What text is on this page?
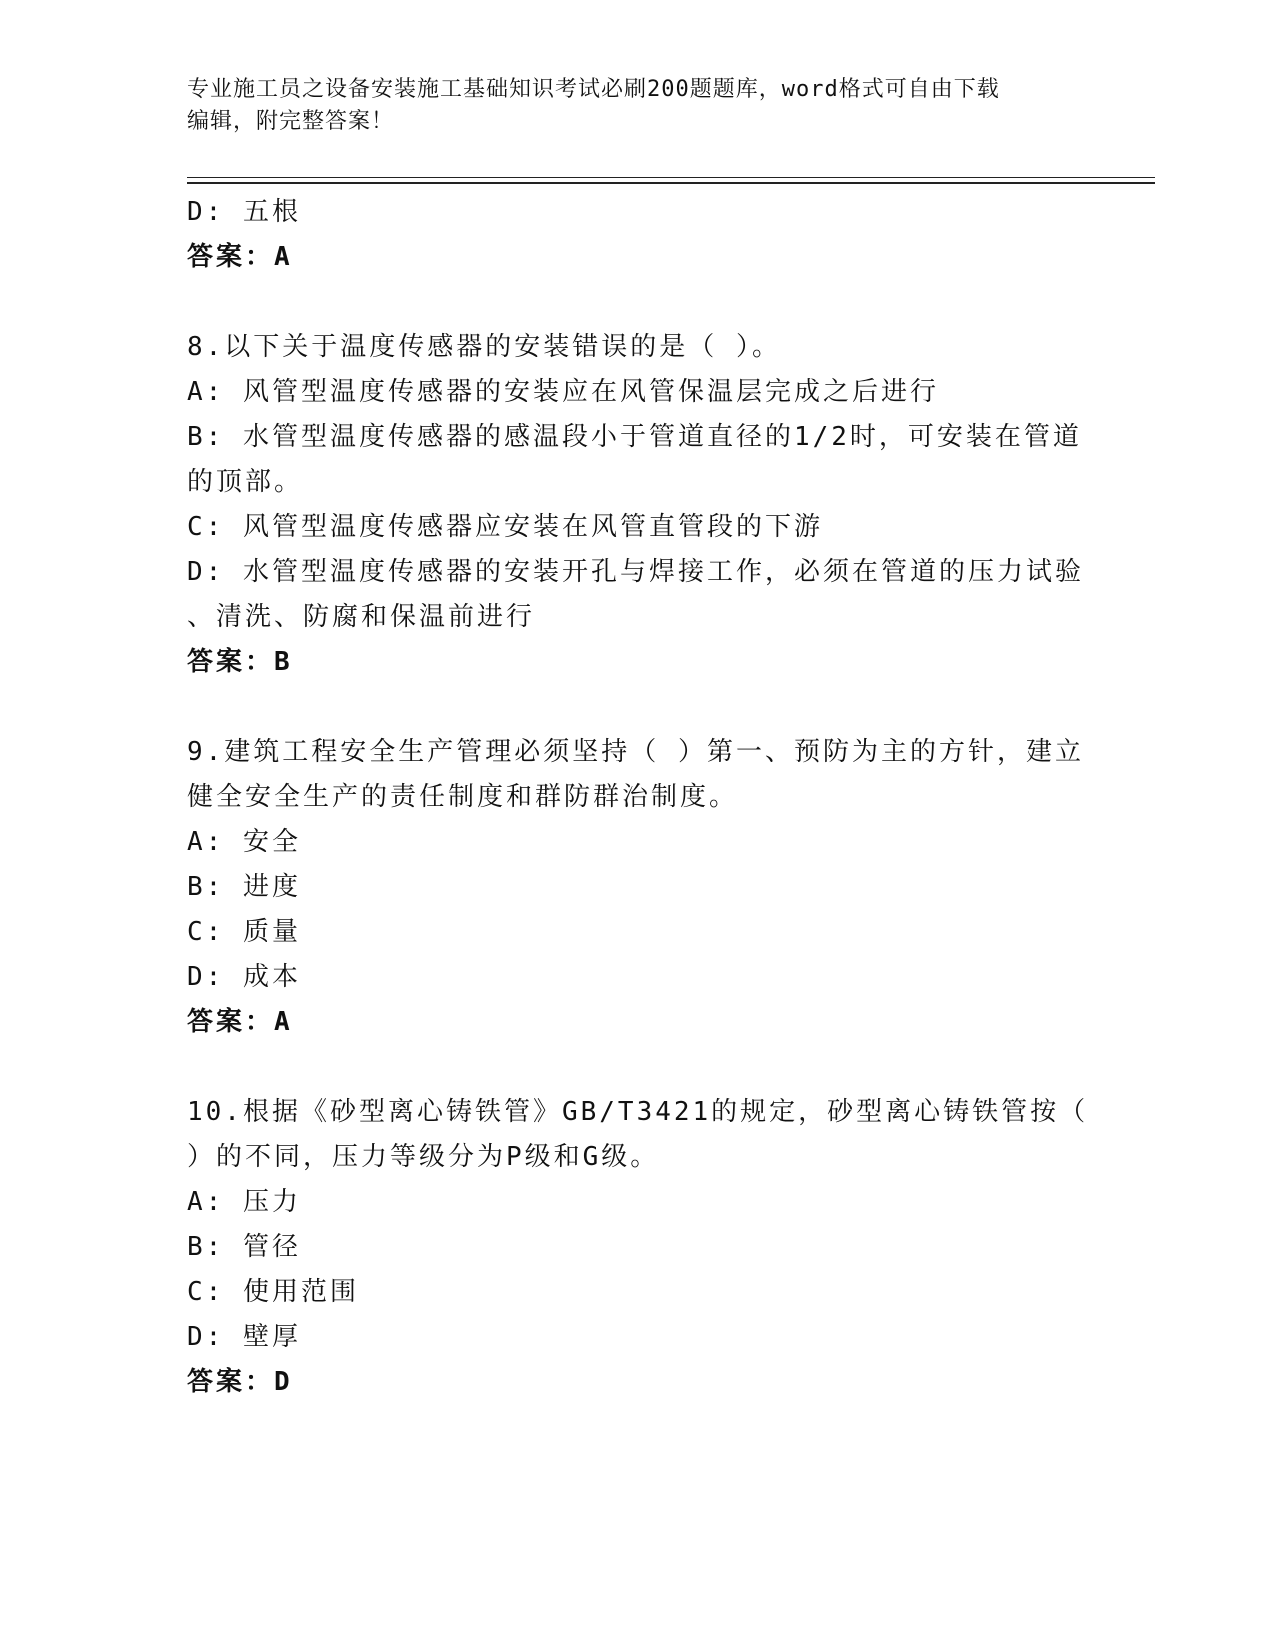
专业施工员之设备安装施工基础知识考试必刷200题题库，word格式可自由下载
编辑，附完整答案！
D: 五根
答案：A
8.以下关于温度传感器的安装错误的是（ ）。
A: 风管型温度传感器的安装应在风管保温层完成之后进行
B: 水管型温度传感器的感温段小于管道直径的1/2时，可安装在管道
的顶部。
C: 风管型温度传感器应安装在风管直管段的下游
D: 水管型温度传感器的安装开孔与焊接工作，必须在管道的压力试验
、清洗、防腐和保温前进行
答案：B
9.建筑工程安全生产管理必须坚持（ ）第一、预防为主的方针，建立
健全安全生产的责任制度和群防群治制度。
A: 安全
B: 进度
C: 质量
D: 成本
答案：A
10.根据《砂型离心铸铁管》GB/T3421的规定，砂型离心铸铁管按（
）的不同，压力等级分为P级和G级。
A: 压力
B: 管径
C: 使用范围
D: 壁厚
答案：D
